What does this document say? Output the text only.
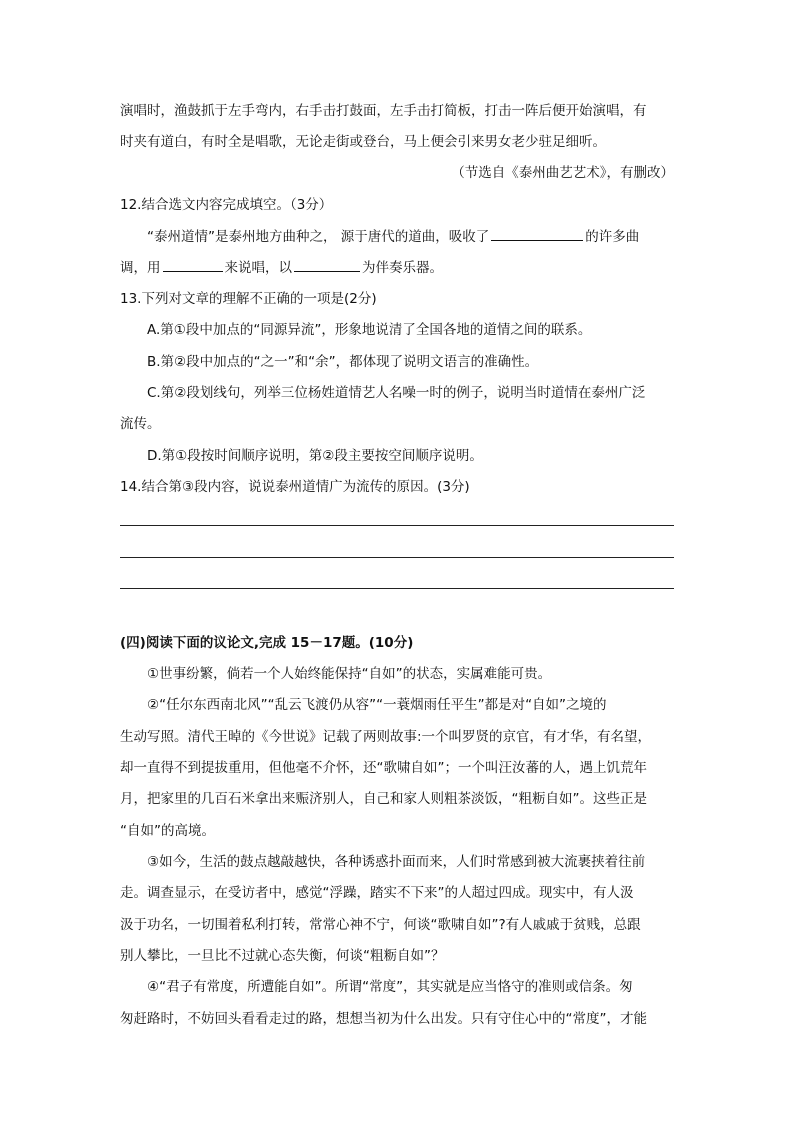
演唱时，渔鼓抓于左手弯内，右手击打鼓面，左手击打简板，打击一阵后便开始演唱，有

时夹有道白，有时全是唱歌，无论走街或登台，马上便会引来男女老少驻足细听。

（节选自《泰州曲艺艺术》，有删改）

12.结合选文内容完成填空。（3分）

“泰州道情”是泰州地方曲种之， 源于唐代的道曲，吸收了	的许多曲

调，用	来说唱，以	为伴奏乐器。

13.下列对文章的理解不正确的一项是(2分)

A.第①段中加点的“同源异流”，形象地说清了全国各地的道情之间的联系。

B.第②段中加点的“之一”和“余”，都体现了说明文语言的准确性。

C.第②段划线句，列举三位杨姓道情艺人名噪一时的例子，说明当时道情在泰州广泛

流传。

D.第①段按时间顺序说明，第②段主要按空间顺序说明。

14.结合第③段内容，说说泰州道情广为流传的原因。(3分)

(四)阅读下面的议论文,完成 15－17题。(10分)

①世事纷繁，倘若一个人始终能保持“自如”的状态，实属难能可贵。

②“任尔东西南北风”“乱云飞渡仍从容”“一蓑烟雨任平生”都是对“自如”之境的

生动写照。清代王晫的《今世说》记载了两则故事:一个叫罗贤的京官，有才华，有名望，

却一直得不到提拔重用，但他毫不介怀，还“歌啸自如”；一个叫汪汝蕃的人，遇上饥荒年

月，把家里的几百石米拿出来赈济别人，自己和家人则粗茶淡饭，“粗粝自如”。这些正是

“自如”的高境。

③如今，生活的鼓点越敲越快，各种诱惑扑面而来，人们时常感到被大流裹挟着往前

走。调查显示，在受访者中，感觉“浮躁，踏实不下来”的人超过四成。现实中，有人汲

汲于功名，一切围着私利打转，常常心神不宁，何谈“歌啸自如”?有人戚戚于贫贱，总跟

别人攀比，一旦比不过就心态失衡，何谈“粗粝自如”？

④“君子有常度，所遭能自如”。所谓“常度”，其实就是应当恪守的准则或信条。匆

匆赶路时，不妨回头看看走过的路，想想当初为什么出发。只有守住心中的“常度”，才能
